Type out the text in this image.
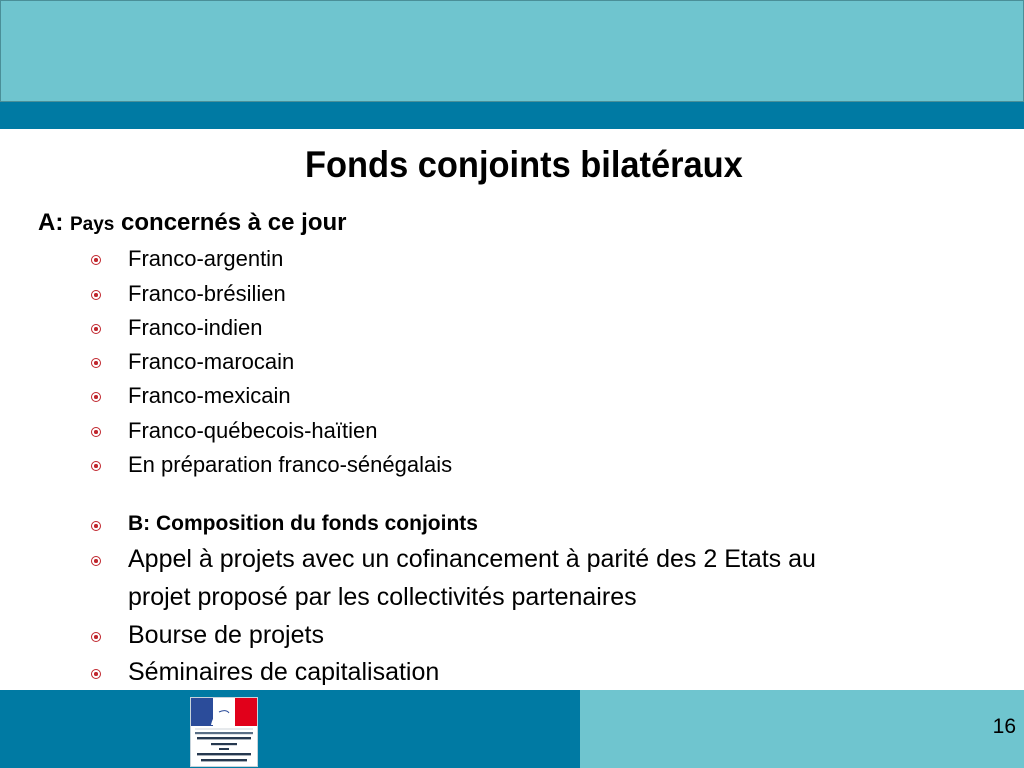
Fonds conjoints bilatéraux
A: Pays concernés à ce jour
Franco-argentin
Franco-brésilien
Franco-indien
Franco-marocain
Franco-mexicain
Franco-québecois-haïtien
En préparation franco-sénégalais
B: Composition du fonds conjoints
Appel à projets avec un cofinancement à parité des 2 Etats au
projet proposé par les collectivités partenaires
Bourse de projets
Séminaires de capitalisation
16
